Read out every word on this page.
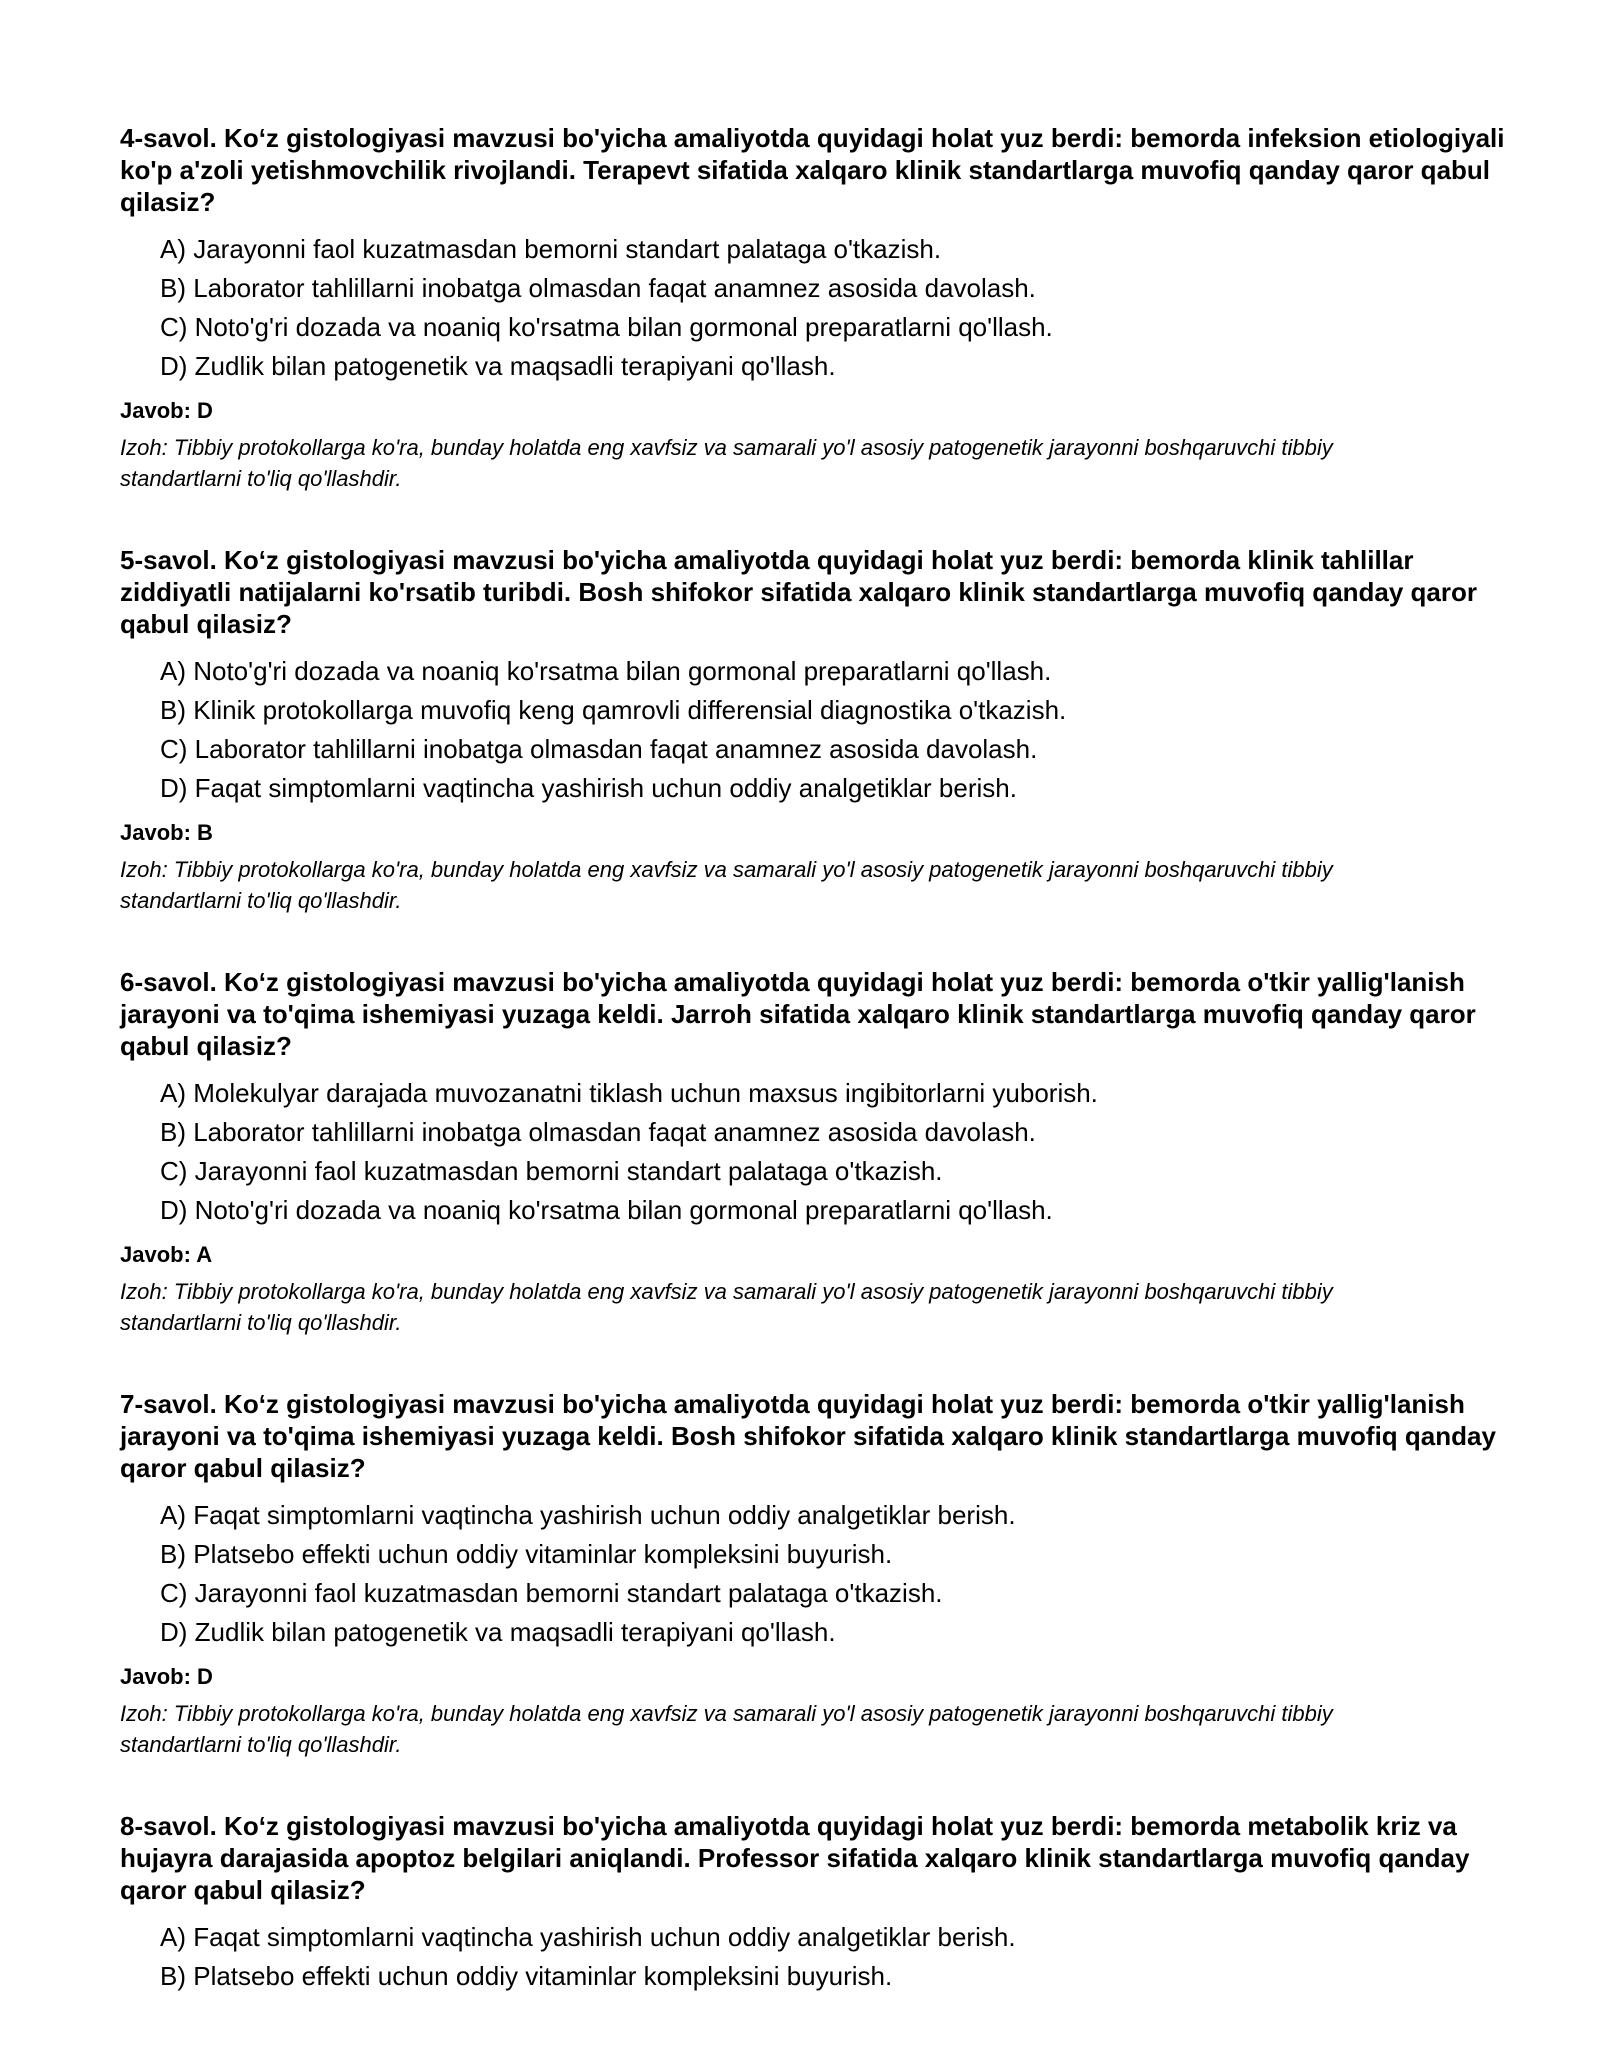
4-savol. Ko‘z gistologiyasi mavzusi bo'yicha amaliyotda quyidagi holat yuz berdi: bemorda infeksion etiologiyali ko'p a'zoli yetishmovchilik rivojlandi. Terapevt sifatida xalqaro klinik standartlarga muvofiq qanday qaror qabul qilasiz?

A) Jarayonni faol kuzatmasdan bemorni standart palataga o'tkazish.

B) Laborator tahlillarni inobatga olmasdan faqat anamnez asosida davolash.

C) Noto'g'ri dozada va noaniq ko'rsatma bilan gormonal preparatlarni qo'llash.

D) Zudlik bilan patogenetik va maqsadli terapiyani qo'llash.

Javob: D

Izoh: Tibbiy protokollarga ko'ra, bunday holatda eng xavfsiz va samarali yo'l asosiy patogenetik jarayonni boshqaruvchi tibbiy standartlarni to'liq qo'llashdir.

5-savol. Ko‘z gistologiyasi mavzusi bo'yicha amaliyotda quyidagi holat yuz berdi: bemorda klinik tahlillar ziddiyatli natijalarni ko'rsatib turibdi. Bosh shifokor sifatida xalqaro klinik standartlarga muvofiq qanday qaror qabul qilasiz?

A) Noto'g'ri dozada va noaniq ko'rsatma bilan gormonal preparatlarni qo'llash.

B) Klinik protokollarga muvofiq keng qamrovli differensial diagnostika o'tkazish.

C) Laborator tahlillarni inobatga olmasdan faqat anamnez asosida davolash.

D) Faqat simptomlarni vaqtincha yashirish uchun oddiy analgetiklar berish.

Javob: B

Izoh: Tibbiy protokollarga ko'ra, bunday holatda eng xavfsiz va samarali yo'l asosiy patogenetik jarayonni boshqaruvchi tibbiy standartlarni to'liq qo'llashdir.

6-savol. Ko‘z gistologiyasi mavzusi bo'yicha amaliyotda quyidagi holat yuz berdi: bemorda o'tkir yallig'lanish jarayoni va to'qima ishemiyasi yuzaga keldi. Jarroh sifatida xalqaro klinik standartlarga muvofiq qanday qaror qabul qilasiz?

A) Molekulyar darajada muvozanatni tiklash uchun maxsus ingibitorlarni yuborish.

B) Laborator tahlillarni inobatga olmasdan faqat anamnez asosida davolash.

C) Jarayonni faol kuzatmasdan bemorni standart palataga o'tkazish.

D) Noto'g'ri dozada va noaniq ko'rsatma bilan gormonal preparatlarni qo'llash.

Javob: A

Izoh: Tibbiy protokollarga ko'ra, bunday holatda eng xavfsiz va samarali yo'l asosiy patogenetik jarayonni boshqaruvchi tibbiy standartlarni to'liq qo'llashdir.

7-savol. Ko‘z gistologiyasi mavzusi bo'yicha amaliyotda quyidagi holat yuz berdi: bemorda o'tkir yallig'lanish jarayoni va to'qima ishemiyasi yuzaga keldi. Bosh shifokor sifatida xalqaro klinik standartlarga muvofiq qanday qaror qabul qilasiz?

A) Faqat simptomlarni vaqtincha yashirish uchun oddiy analgetiklar berish.

B) Platsebo effekti uchun oddiy vitaminlar kompleksini buyurish.

C) Jarayonni faol kuzatmasdan bemorni standart palataga o'tkazish.

D) Zudlik bilan patogenetik va maqsadli terapiyani qo'llash.

Javob: D

Izoh: Tibbiy protokollarga ko'ra, bunday holatda eng xavfsiz va samarali yo'l asosiy patogenetik jarayonni boshqaruvchi tibbiy standartlarni to'liq qo'llashdir.

8-savol. Ko‘z gistologiyasi mavzusi bo'yicha amaliyotda quyidagi holat yuz berdi: bemorda metabolik kriz va hujayra darajasida apoptoz belgilari aniqlandi. Professor sifatida xalqaro klinik standartlarga muvofiq qanday qaror qabul qilasiz?

A) Faqat simptomlarni vaqtincha yashirish uchun oddiy analgetiklar berish.

B) Platsebo effekti uchun oddiy vitaminlar kompleksini buyurish.
